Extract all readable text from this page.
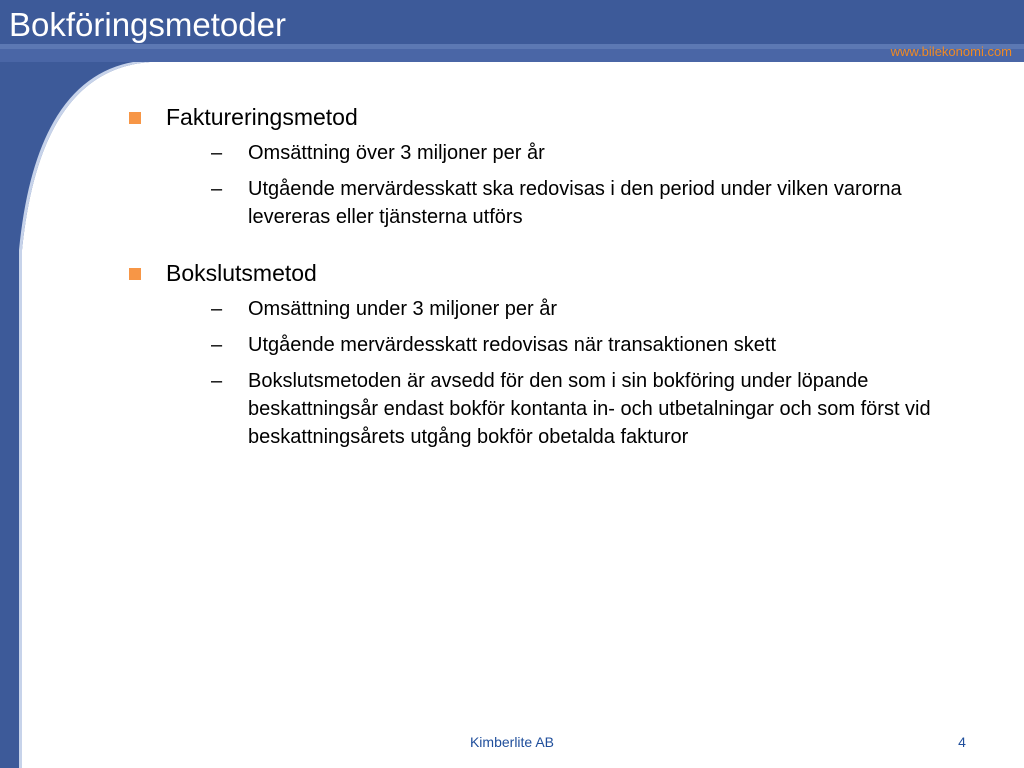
Bokföringsmetoder
www.bilekonomi.com
Faktureringsmetod
–	Omsättning över 3 miljoner per år
–	Utgående mervärdesskatt ska redovisas i den period under vilken varorna levereras eller tjänsterna utförs
Bokslutsmetod
–	Omsättning under 3 miljoner per år
–	Utgående mervärdesskatt redovisas när transaktionen skett
–	Bokslutsmetoden är avsedd för den som i sin bokföring under löpande beskattningsår endast bokför kontanta in- och utbetalningar och som först vid beskattningsårets utgång bokför obetalda fakturor
Kimberlite AB	4
